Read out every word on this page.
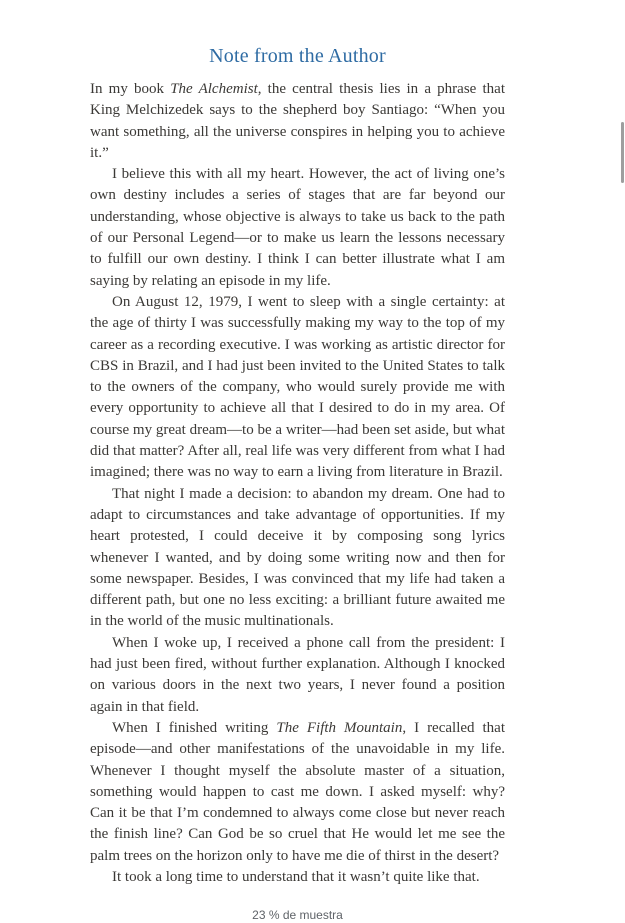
Note from the Author

In my book The Alchemist, the central thesis lies in a phrase that King Melchizedek says to the shepherd boy Santiago: “When you want something, all the universe conspires in helping you to achieve it.”

I believe this with all my heart. However, the act of living one’s own destiny includes a series of stages that are far beyond our understanding, whose objective is always to take us back to the path of our Personal Legend—or to make us learn the lessons necessary to fulfill our own destiny. I think I can better illustrate what I am saying by relating an episode in my life.

On August 12, 1979, I went to sleep with a single certainty: at the age of thirty I was successfully making my way to the top of my career as a recording executive. I was working as artistic director for CBS in Brazil, and I had just been invited to the United States to talk to the owners of the company, who would surely provide me with every opportunity to achieve all that I desired to do in my area. Of course my great dream—to be a writer—had been set aside, but what did that matter? After all, real life was very different from what I had imagined; there was no way to earn a living from literature in Brazil.

That night I made a decision: to abandon my dream. One had to adapt to circumstances and take advantage of opportunities. If my heart protested, I could deceive it by composing song lyrics whenever I wanted, and by doing some writing now and then for some newspaper. Besides, I was convinced that my life had taken a different path, but one no less exciting: a brilliant future awaited me in the world of the music multinationals.

When I woke up, I received a phone call from the president: I had just been fired, without further explanation. Although I knocked on various doors in the next two years, I never found a position again in that field.

When I finished writing The Fifth Mountain, I recalled that episode—and other manifestations of the unavoidable in my life. Whenever I thought myself the absolute master of a situation, something would happen to cast me down. I asked myself: why? Can it be that I’m condemned to always come close but never reach the finish line? Can God be so cruel that He would let me see the palm trees on the horizon only to have me die of thirst in the desert?

It took a long time to understand that it wasn’t quite like that.

23 % de muestra
